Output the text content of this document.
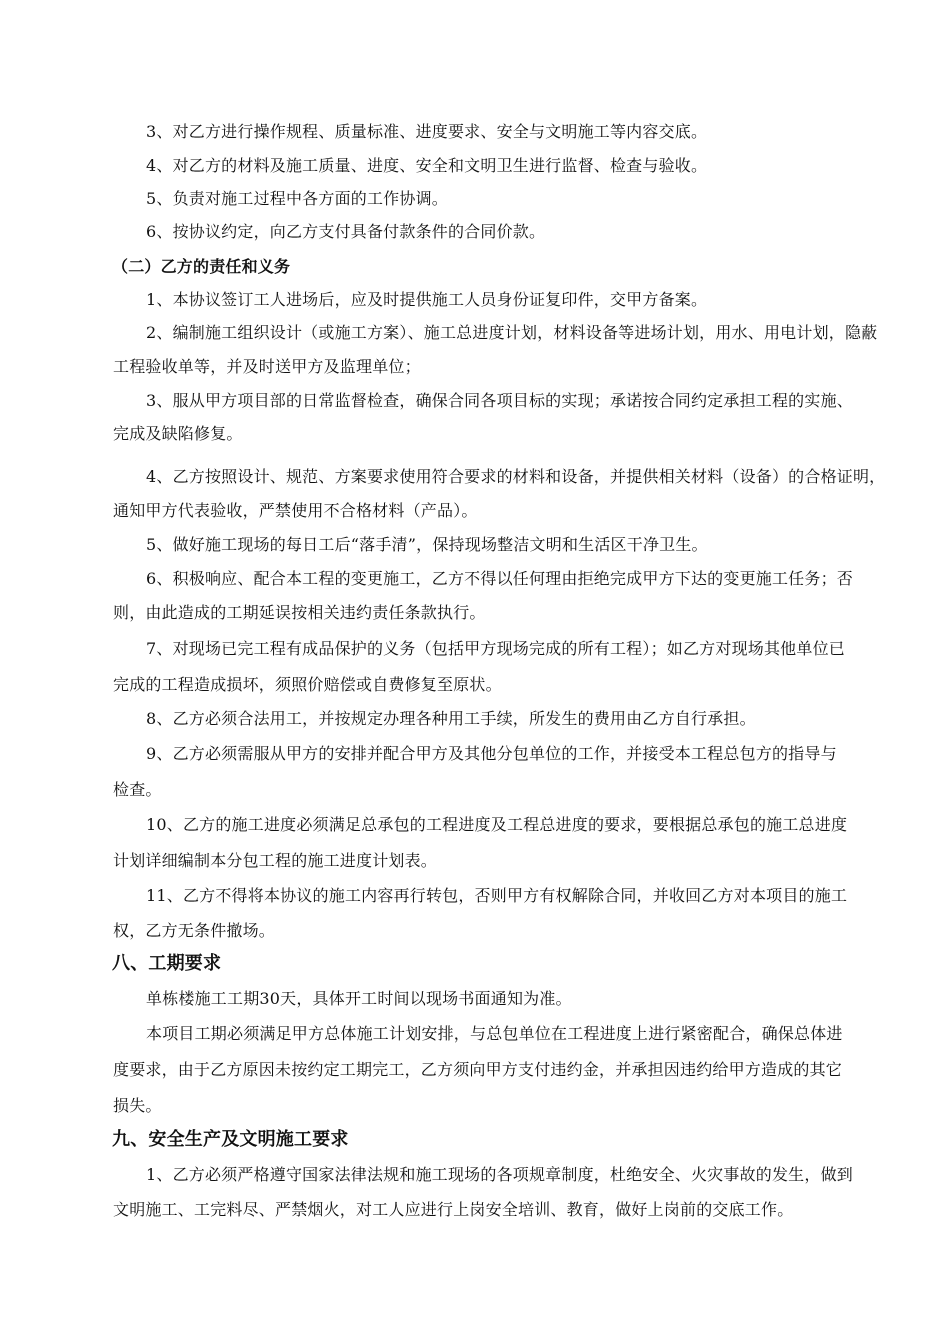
3、对乙方进行操作规程、质量标准、进度要求、安全与文明施工等内容交底。
4、对乙方的材料及施工质量、进度、安全和文明卫生进行监督、检查与验收。
5、负责对施工过程中各方面的工作协调。
6、按协议约定，向乙方支付具备付款条件的合同价款。
（二）乙方的责任和义务
1、本协议签订工人进场后，应及时提供施工人员身份证复印件，交甲方备案。
2、编制施工组织设计（或施工方案）、施工总进度计划，材料设备等进场计划，用水、用电计划，隐蔽
工程验收单等，并及时送甲方及监理单位；
3、服从甲方项目部的日常监督检查，确保合同各项目标的实现；承诺按合同约定承担工程的实施、
完成及缺陷修复。
4、乙方按照设计、规范、方案要求使用符合要求的材料和设备，并提供相关材料（设备）的合格证明，
通知甲方代表验收，严禁使用不合格材料（产品）。
5、做好施工现场的每日工后“落手清”，保持现场整洁文明和生活区干净卫生。
6、积极响应、配合本工程的变更施工，乙方不得以任何理由拒绝完成甲方下达的变更施工任务；否
则，由此造成的工期延误按相关违约责任条款执行。
7、对现场已完工程有成品保护的义务（包括甲方现场完成的所有工程）；如乙方对现场其他单位已
完成的工程造成损坏，须照价赔偿或自费修复至原状。
8、乙方必须合法用工，并按规定办理各种用工手续，所发生的费用由乙方自行承担。
9、乙方必须需服从甲方的安排并配合甲方及其他分包单位的工作，并接受本工程总包方的指导与
检查。
10、乙方的施工进度必须满足总承包的工程进度及工程总进度的要求，要根据总承包的施工总进度
计划详细编制本分包工程的施工进度计划表。
11、乙方不得将本协议的施工内容再行转包，否则甲方有权解除合同，并收回乙方对本项目的施工
权，乙方无条件撤场。
八、工期要求
单栋楼施工工期30天，具体开工时间以现场书面通知为准。
本项目工期必须满足甲方总体施工计划安排，与总包单位在工程进度上进行紧密配合，确保总体进
度要求，由于乙方原因未按约定工期完工，乙方须向甲方支付违约金，并承担因违约给甲方造成的其它
损失。
九、安全生产及文明施工要求
1、乙方必须严格遵守国家法律法规和施工现场的各项规章制度，杜绝安全、火灾事故的发生，做到
文明施工、工完料尽、严禁烟火，对工人应进行上岗安全培训、教育，做好上岗前的交底工作。
